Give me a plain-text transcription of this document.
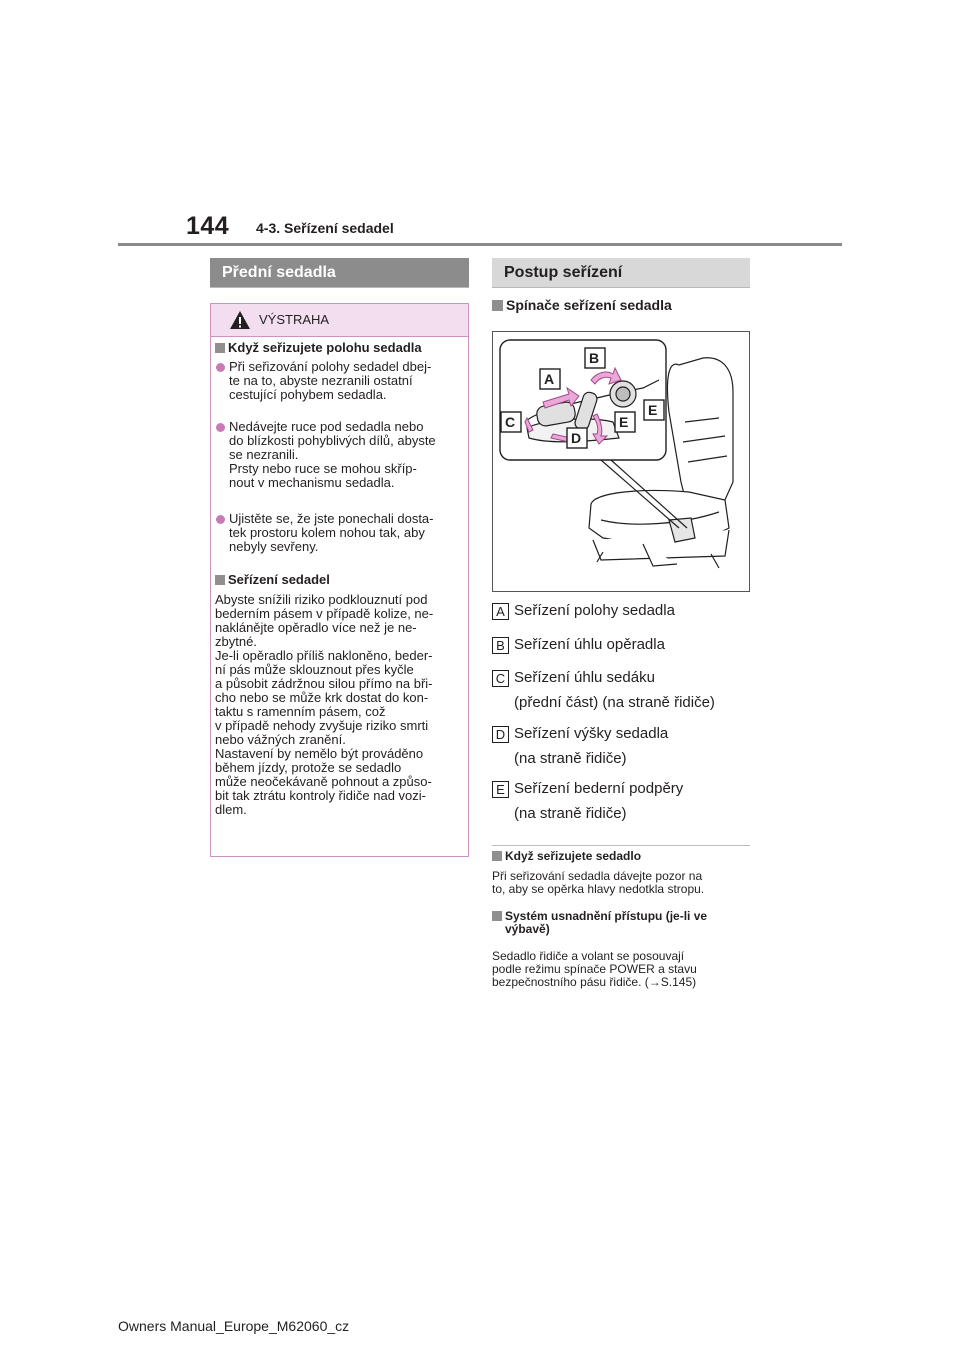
144 4-3. Seřízení sedadel
Přední sedadla
VÝSTRAHA
Když seřizujete polohu sedadla
Při seřizování polohy sedadel dbej-
te na to, abyste nezranili ostatní
cestující pohybem sedadla.
Nedávejte ruce pod sedadla nebo
do blízkosti pohyblivých dílů, abyste
se nezranili.
Prsty nebo ruce se mohou skříp-
nout v mechanismu sedadla.
Ujistěte se, že jste ponechali dosta-
tek prostoru kolem nohou tak, aby
nebyly sevřeny.
Seřízení sedadel
Abyste snížili riziko podklouznutí pod
bederním pásem v případě kolize, ne-
naklánějte opěradlo více než je ne-
zbytné.
Je-li opěradlo příliš nakloněno, beder-
ní pás může sklouznout přes kyčle
a působit zádržnou silou přímo na bři-
cho nebo se může krk dostat do kon-
taktu s ramenním pásem, což
v případě nehody zvyšuje riziko smrti
nebo vážných zranění.
Nastavení by nemělo být prováděno
během jízdy, protože se sedadlo
může neočekávaně pohnout a způso-
bit tak ztrátu kontroly řidiče nad vozi-
dlem.
Postup seřízení
Spínače seřízení sedadla
A
B
C
D
E
E
A Seřízení polohy sedadla
B Seřízení úhlu opěradla
C Seřízení úhlu sedáku
(přední část) (na straně řidiče)
D Seřízení výšky sedadla
(na straně řidiče)
E Seřízení bederní podpěry
(na straně řidiče)
Když seřizujete sedadlo
Při seřizování sedadla dávejte pozor na
to, aby se opěrka hlavy nedotkla stropu.
Systém usnadnění přístupu (je-li ve
výbavě)
Sedadlo řidiče a volant se posouvají
podle režimu spínače POWER a stavu
bezpečnostního pásu řidiče. (→S.145)
Owners Manual_Europe_M62060_cz
